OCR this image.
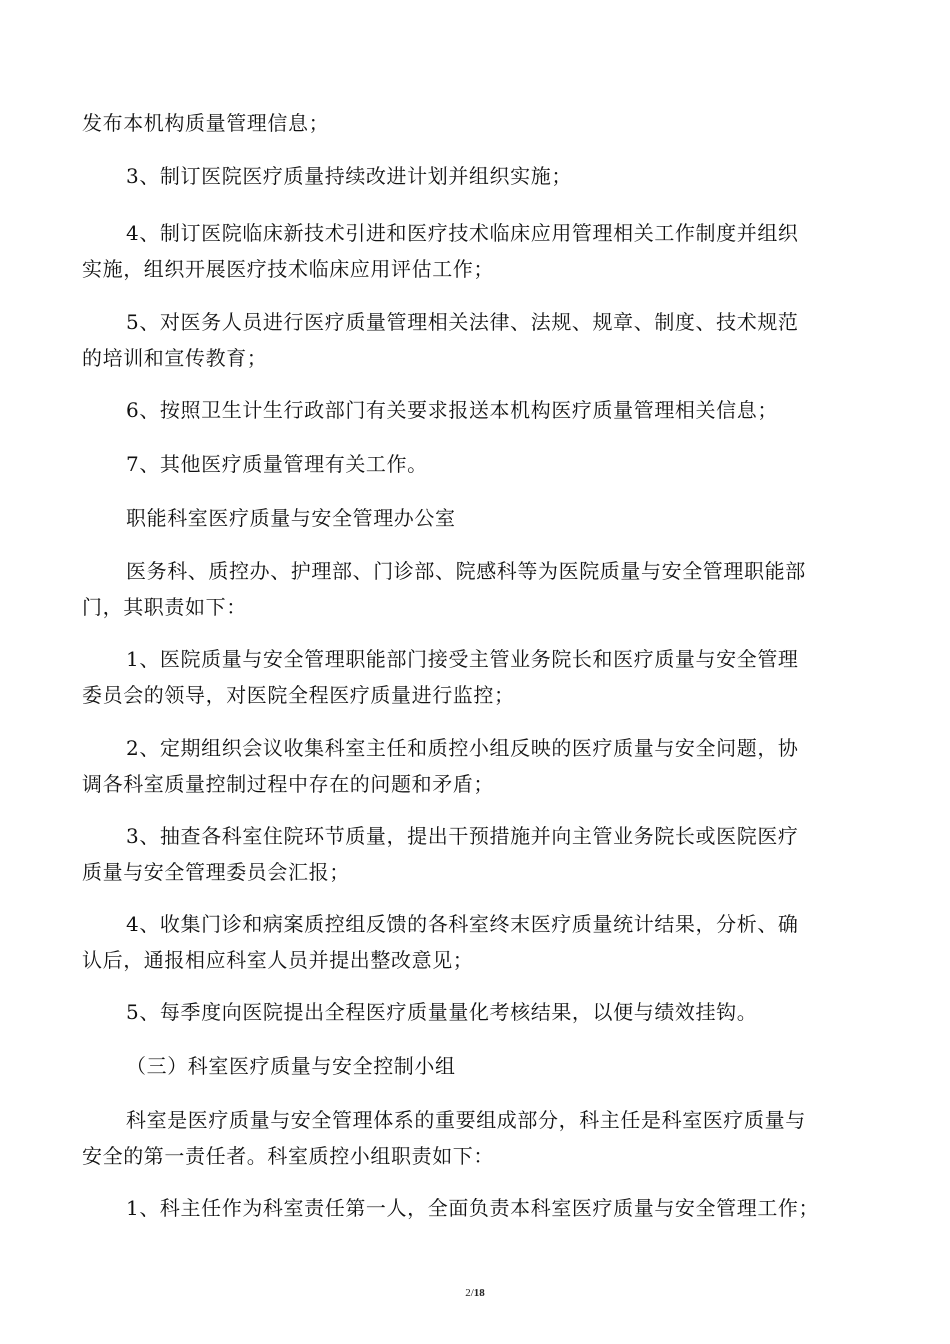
发布本机构质量管理信息；
3、制订医院医疗质量持续改进计划并组织实施；
4、制订医院临床新技术引进和医疗技术临床应用管理相关工作制度并组织
实施，组织开展医疗技术临床应用评估工作；
5、对医务人员进行医疗质量管理相关法律、法规、规章、制度、技术规范
的培训和宣传教育；
6、按照卫生计生行政部门有关要求报送本机构医疗质量管理相关信息；
7、其他医疗质量管理有关工作。
职能科室医疗质量与安全管理办公室
医务科、质控办、护理部、门诊部、院感科等为医院质量与安全管理职能部
门，其职责如下：
1、医院质量与安全管理职能部门接受主管业务院长和医疗质量与安全管理
委员会的领导，对医院全程医疗质量进行监控；
2、定期组织会议收集科室主任和质控小组反映的医疗质量与安全问题，协
调各科室质量控制过程中存在的问题和矛盾；
3、抽查各科室住院环节质量，提出干预措施并向主管业务院长或医院医疗
质量与安全管理委员会汇报；
4、收集门诊和病案质控组反馈的各科室终末医疗质量统计结果，分析、确
认后，通报相应科室人员并提出整改意见；
5、每季度向医院提出全程医疗质量量化考核结果，以便与绩效挂钩。
（三）科室医疗质量与安全控制小组
科室是医疗质量与安全管理体系的重要组成部分，科主任是科室医疗质量与
安全的第一责任者。科室质控小组职责如下：
1、科主任作为科室责任第一人，全面负责本科室医疗质量与安全管理工作；
2/18
